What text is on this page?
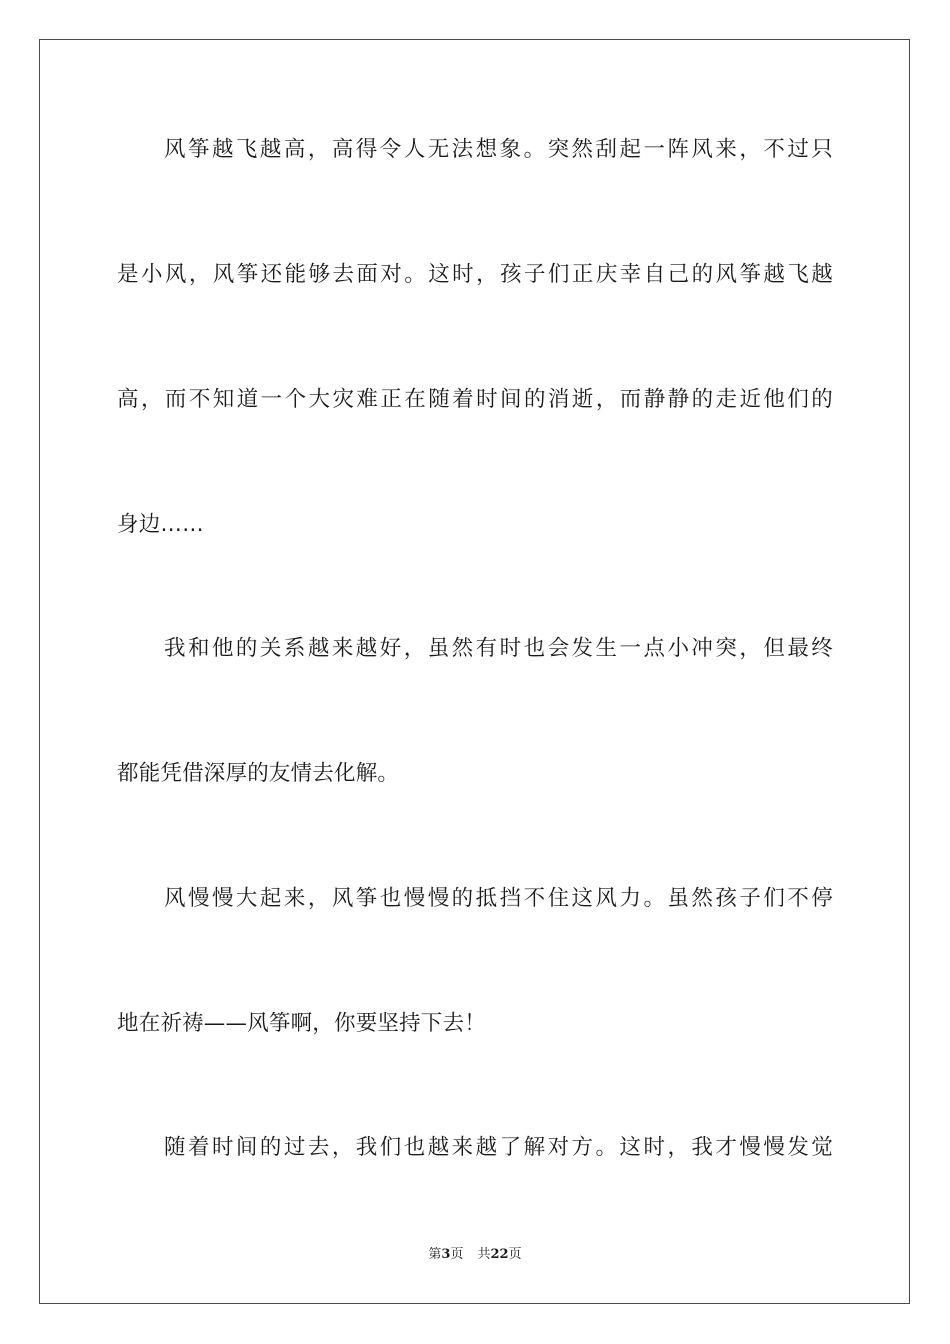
风筝越飞越高，高得令人无法想象。突然刮起一阵风来，不过只
是小风，风筝还能够去面对。这时，孩子们正庆幸自己的风筝越飞越
高，而不知道一个大灾难正在随着时间的消逝，而静静的走近他们的
身边……
我和他的关系越来越好，虽然有时也会发生一点小冲突，但最终
都能凭借深厚的友情去化解。
风慢慢大起来，风筝也慢慢的抵挡不住这风力。虽然孩子们不停
地在祈祷——风筝啊，你要坚持下去！
随着时间的过去，我们也越来越了解对方。这时，我才慢慢发觉
第3页 共22页
